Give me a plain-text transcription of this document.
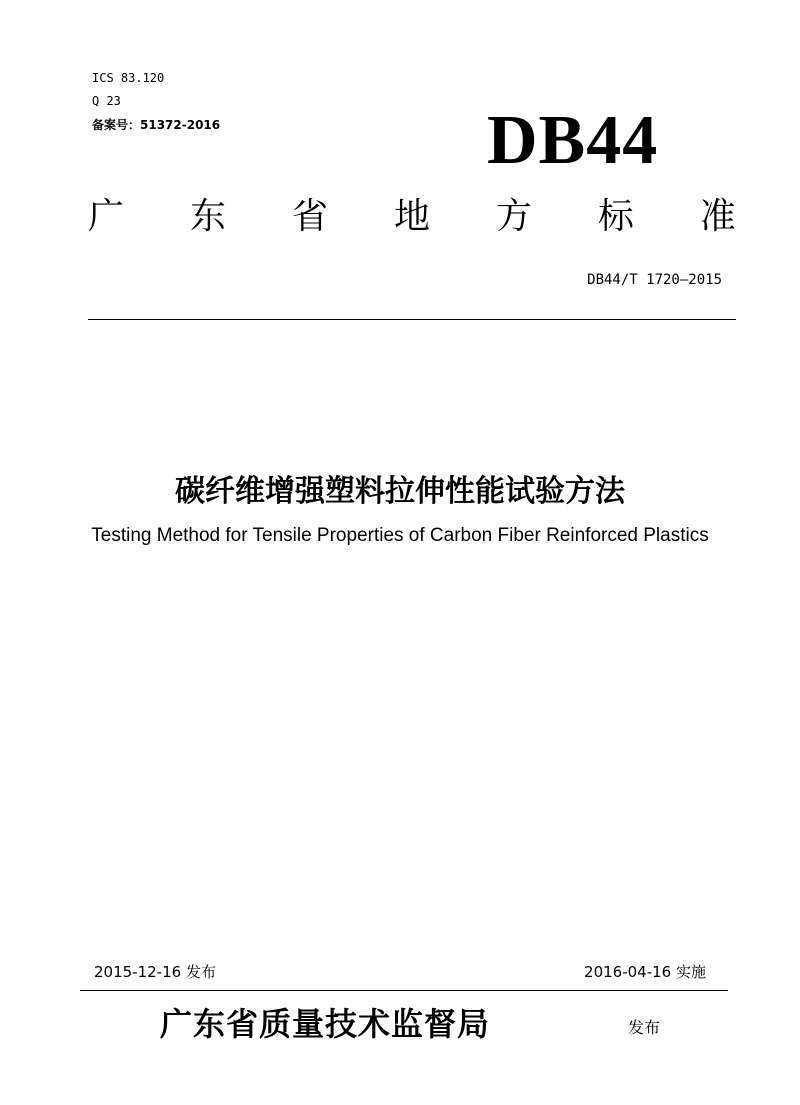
ICS 83.120
Q 23
备案号：51372-2016	DB44
广 东 省 地 方 标 准
DB44/T 1720—2015
碳纤维增强塑料拉伸性能试验方法
Testing Method for Tensile Properties of Carbon Fiber Reinforced Plastics
2015-12-16 发布	2016-04-16 实施
广东省质量技术监督局	发布
